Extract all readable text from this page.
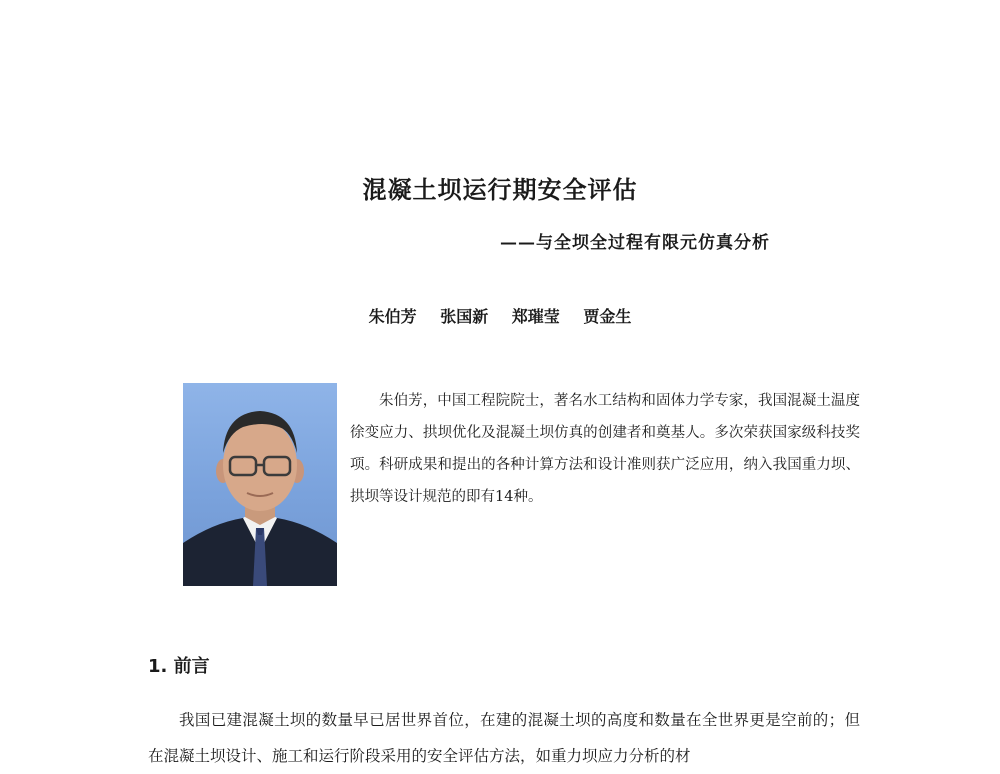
混凝土坝运行期安全评估
——与全坝全过程有限元仿真分析
朱伯芳 张国新 郑璀莹 贾金生
朱伯芳，中国工程院院士，著名水工结构和固体力学专家，我国混凝土温度徐变应力、拱坝优化及混凝土坝仿真的创建者和奠基人。多次荣获国家级科技奖项。科研成果和提出的各种计算方法和设计准则获广泛应用，纳入我国重力坝、拱坝等设计规范的即有14种。
1. 前言
我国已建混凝土坝的数量早已居世界首位，在建的混凝土坝的高度和数量在全世界更是空前的；但在混凝土坝设计、施工和运行阶段采用的安全评估方法，如重力坝应力分析的材
